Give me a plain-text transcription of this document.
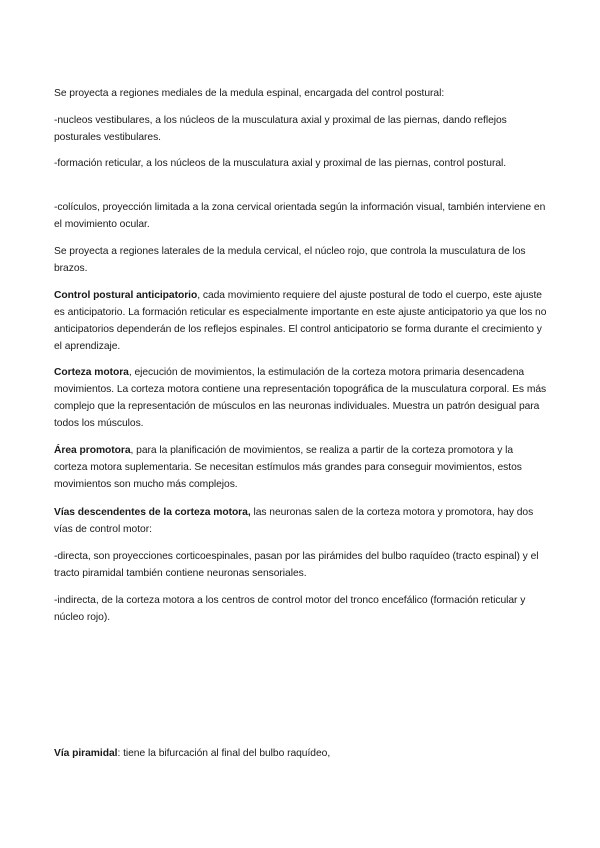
Se proyecta a regiones mediales de la medula espinal, encargada del control postural:

-nucleos vestibulares, a los núcleos de la musculatura axial y proximal de las piernas, dando reflejos posturales vestibulares.

-formación reticular, a los núcleos de la musculatura axial y proximal de las piernas, control postural.

-colículos, proyección limitada a la zona cervical orientada según la información visual, también interviene en el movimiento ocular.

Se proyecta a regiones laterales de la medula cervical, el núcleo rojo, que controla la musculatura de los brazos.

Control postural anticipatorio, cada movimiento requiere del ajuste postural de todo el cuerpo, este ajuste es anticipatorio. La formación reticular es especialmente importante en este ajuste anticipatorio ya que los no anticipatorios dependerán de los reflejos espinales. El control anticipatorio se forma durante el crecimiento y el aprendizaje.

Corteza motora, ejecución de movimientos, la estimulación de la corteza motora primaria desencadena movimientos. La corteza motora contiene una representación topográfica de la musculatura corporal. Es más complejo que la representación de músculos en las neuronas individuales. Muestra un patrón desigual para todos los músculos.

Área promotora, para la planificación de movimientos, se realiza a partir de la corteza promotora y la corteza motora suplementaria. Se necesitan estímulos más grandes para conseguir movimientos, estos movimientos son mucho más complejos.

Vías descendentes de la corteza motora, las neuronas salen de la corteza motora y promotora, hay dos vías de control motor:

-directa, son proyecciones corticoespinales, pasan por las pirámides del bulbo raquídeo (tracto espinal) y el tracto piramidal también contiene neuronas sensoriales.

-indirecta, de la corteza motora a los centros de control motor del tronco encefálico (formación reticular y núcleo rojo).

Vía piramidal: tiene la bifurcación al final del bulbo raquídeo,
